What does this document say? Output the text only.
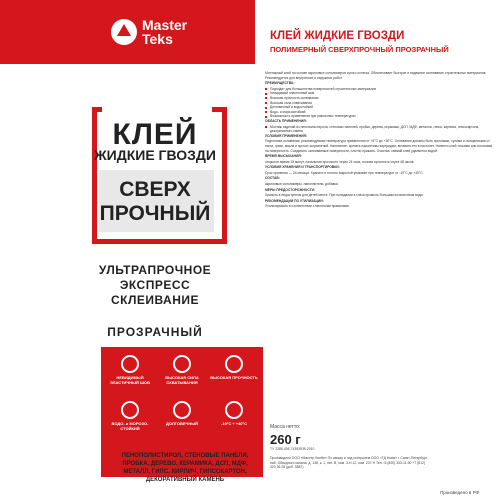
Master
Teks	КЛЕЙ ЖИДКИЕ ГВОЗДИ
ПОЛИМЕРНЫЙ СВЕРХПРОЧНЫЙ ПРОЗРАЧНЫЙ
КЛЕЙ
ЖИДКИЕ ГВОЗДИ
СВЕРХ
ПРОЧНЫЙ
УЛЬТРАПРОЧНОЕ
ЭКСПРЕСС
СКЛЕИВАНИЕ
ПРОЗРАЧНЫЙ
НЕВИДИМЫЙ ЭЛАСТИЧНЫЙ ШОВ
ВЫСОКАЯ СИЛА СХВАТЫВАНИЯ
ВЫСОКАЯ ПРОЧНОСТЬ
ВОДО- и МОРОЗО-СТОЙКИЙ
ДОЛГОВЕЧНЫЙ	-10°С ÷ +40°С
ПЕНОПОЛИСТИРОЛ, СТЕНОВЫЕ ПАНЕЛИ,
ПРОБКА, ДЕРЕВО, КЕРАМИКА, ДСП, МДФ,
МЕТАЛЛ, ГИПС, КИРПИЧ, ГИПСОКАРТОН,
ДЕКОРАТИВНЫЙ КАМЕНЬ

Монтажный клей на основе акриловых сополимеров сухого остатка. Обеспечивает быстрое и надежное склеивание строительных материалов. Рекомендуется для внутренних и наружных работ.

ПРЕИМУЩЕСТВА:

Подходит для большинства поверхностей строительных материалов
Невидимый эластичный шов
Высокая прочность склеивания
Высокая сила схватывания
Долговечный и водостойкий
Водо- и морозостойкий
Возможность применения при различных температурах

ОБЛАСТЬ ПРИМЕНЕНИЯ:

Монтаж изделий из пенополистирола, стеновых панелей, пробки, дерева, керамики, ДСП, МДФ, металла, гипса, кирпича, гипсокартона, декоративного камня.

УСЛОВИЯ ПРИМЕНЕНИЯ:

Подготовка основания: рекомендуемая температура применения от +5°С до +30°С. Основания должны быть прочными, сухими и очищенными от пыли, грязи, масла и прочих загрязнений. Нанесение: срезать наконечник картриджа, вставить его в пистолет. Нанести клей точками или полосами на поверхность. Соединить склеиваемые поверхности, плотно прижать. Очистка: свежий клей удаляется водой.

ВРЕМЯ ВЫСЫХАНИЯ:

открытое время 15 минут, начальная прочность через 24 часа, полная прочность через 48 часов.

УСЛОВИЯ ХРАНЕНИЯ И ТРАНСПОРТИРОВКИ:

Срок хранения — 24 месяца. Хранить в плотно закрытой упаковке при температуре от -10°С до +40°С.

СОСТАВ:

акриловые сополимеры, наполнители, добавки.

МЕРЫ ПРЕДОСТОРОЖНОСТИ:

Хранить в недоступном для детей месте. При попадании в глаза промыть большим количеством воды.

РЕКОМЕНДАЦИИ ПО УТИЛИЗАЦИИ:

Утилизировать в соответствии с местными правилами.

Масса нетто:
260 г
ТУ 2385-005-74393939-2010
Производено ООО «Мастер Клейн» По заказу и под контролем ООО «ТД Нова» г. Санкт-Петербург, наб. Обводного канала, д. 138, к. 1, лит. В, пом. 3-Н-12, ком. 207-Н Тел.: 8 (800) 333-11-90 +7 (812) 320 36 25 (доб. 5887)
Произведено в РФ
